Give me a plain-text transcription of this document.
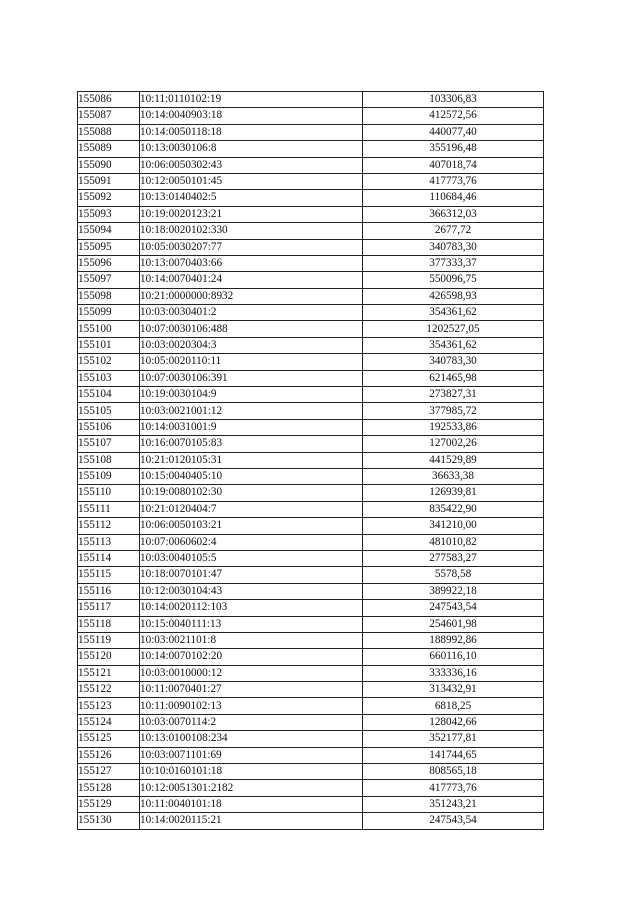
155086	10:11:0110102:19	103306,83
155087	10:14:0040903:18	412572,56
155088	10:14:0050118:18	440077,40
155089	10:13:0030106:8	355196,48
155090	10:06:0050302:43	407018,74
155091	10:12:0050101:45	417773,76
155092	10:13:0140402:5	110684,46
155093	10:19:0020123:21	366312,03
155094	10:18:0020102:330	2677,72
155095	10:05:0030207:77	340783,30
155096	10:13:0070403:66	377333,37
155097	10:14:0070401:24	550096,75
155098	10:21:0000000:8932	426598,93
155099	10:03:0030401:2	354361,62
155100	10:07:0030106:488	1202527,05
155101	10:03:0020304:3	354361,62
155102	10:05:0020110:11	340783,30
155103	10:07:0030106:391	621465,98
155104	10:19:0030104:9	273827,31
155105	10:03:0021001:12	377985,72
155106	10:14:0031001:9	192533,86
155107	10:16:0070105:83	127002,26
155108	10:21:0120105:31	441529,89
155109	10:15:0040405:10	36633,38
155110	10:19:0080102:30	126939,81
155111	10:21:0120404:7	835422,90
155112	10:06:0050103:21	341210,00
155113	10:07:0060602:4	481010,82
155114	10:03:0040105:5	277583,27
155115	10:18:0070101:47	5578,58
155116	10:12:0030104:43	389922,18
155117	10:14:0020112:103	247543,54
155118	10:15:0040111:13	254601,98
155119	10:03:0021101:8	188992,86
155120	10:14:0070102:20	660116,10
155121	10:03:0010000:12	333336,16
155122	10:11:0070401:27	313432,91
155123	10:11:0090102:13	6818,25
155124	10:03:0070114:2	128042,66
155125	10:13:0100108:234	352177,81
155126	10:03:0071101:69	141744,65
155127	10:10:0160101:18	808565,18
155128	10:12:0051301:2182	417773,76
155129	10:11:0040101:18	351243,21
155130	10:14:0020115:21	247543,54
